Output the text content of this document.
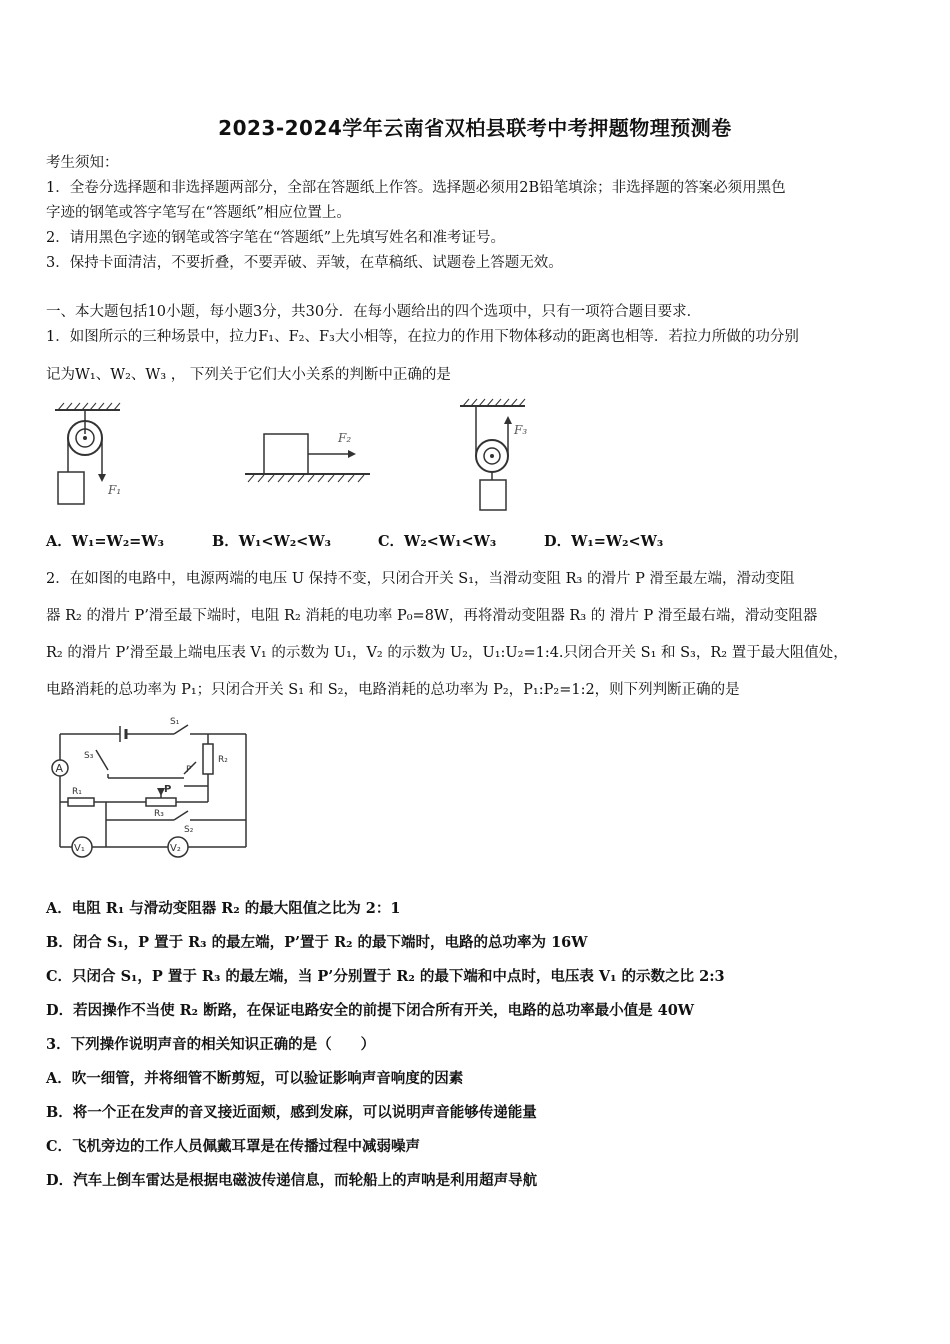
2023-2024学年云南省双柏县联考中考押题物理预测卷
考生须知：
1．全卷分选择题和非选择题两部分，全部在答题纸上作答。选择题必须用2B铅笔填涂；非选择题的答案必须用黑色
字迹的钢笔或答字笔写在“答题纸”相应位置上。
2．请用黑色字迹的钢笔或答字笔在“答题纸”上先填写姓名和准考证号。
3．保持卡面清洁，不要折叠，不要弄破、弄皱，在草稿纸、试题卷上答题无效。
一、本大题包括10小题，每小题3分，共30分．在每小题给出的四个选项中，只有一项符合题目要求．
1．如图所示的三种场景中，拉力F₁、F₂、F₃大小相等，在拉力的作用下物体移动的距离也相等．若拉力所做的功分别
记为W₁、W₂、W₃ ， 下列关于它们大小关系的判断中正确的是
F₁
F₂
F₃
A．W₁=W₂=W₃	B．W₁<W₂<W₃	C．W₂<W₁<W₃	D．W₁=W₂<W₃
2．在如图的电路中，电源两端的电压 U 保持不变，只闭合开关 S₁，当滑动变阻 R₃ 的滑片 P 滑至最左端，滑动变阻
器 R₂ 的滑片 P’滑至最下端时，电阻 R₂ 消耗的电功率 P₀=8W，再将滑动变阻器 R₃ 的 滑片 P 滑至最右端，滑动变阻器
R₂ 的滑片 P’滑至最上端电压表 V₁ 的示数为 U₁，V₂ 的示数为 U₂，U₁:U₂=1:4.只闭合开关 S₁ 和 S₃，R₂ 置于最大阻值处，
电路消耗的总功率为 P₁；只闭合开关 S₁ 和 S₂，电路消耗的总功率为 P₂，P₁:P₂=1:2，则下列判断正确的是
A
V₁	V₂
S₁
S₂
S₃
R₁
R₂
R₃
P
P′
A．电阻 R₁ 与滑动变阻器 R₂ 的最大阻值之比为 2：1
B．闭合 S₁，P 置于 R₃ 的最左端，P’置于 R₂ 的最下端时，电路的总功率为 16W
C．只闭合 S₁，P 置于 R₃ 的最左端，当 P’分别置于 R₂ 的最下端和中点时，电压表 V₁ 的示数之比 2:3
D．若因操作不当使 R₂ 断路，在保证电路安全的前提下闭合所有开关，电路的总功率最小值是 40W
3．下列操作说明声音的相关知识正确的是（　　）
A．吹一细管，并将细管不断剪短，可以验证影响声音响度的因素
B．将一个正在发声的音叉接近面颊，感到发麻，可以说明声音能够传递能量
C．飞机旁边的工作人员佩戴耳罩是在传播过程中减弱噪声
D．汽车上倒车雷达是根据电磁波传递信息，而轮船上的声呐是利用超声导航
